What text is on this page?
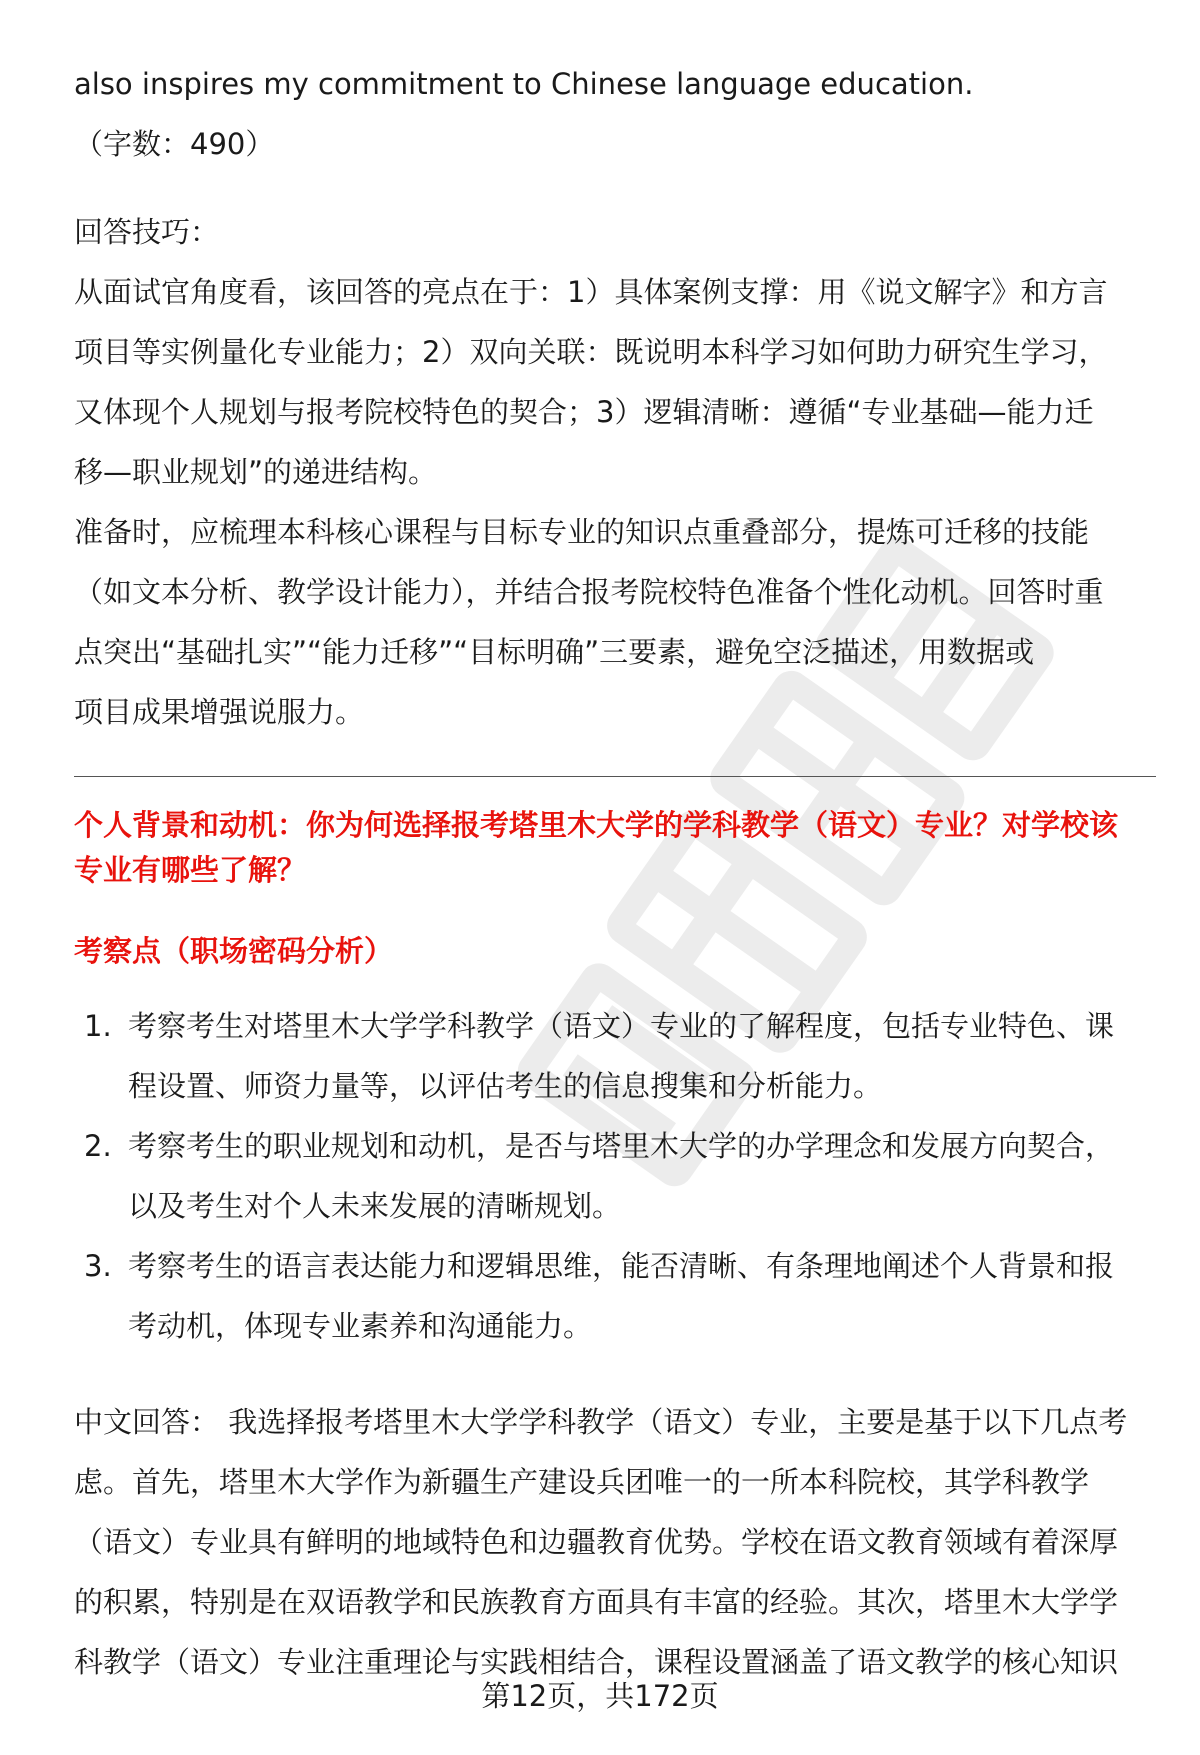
also inspires my commitment to Chinese language education.

（字数：490）

回答技巧：

从面试官角度看，该回答的亮点在于：1）具体案例支撑：用《说文解字》和方言

项目等实例量化专业能力；2）双向关联：既说明本科学习如何助力研究生学习，

又体现个人规划与报考院校特色的契合；3）逻辑清晰：遵循“专业基础—能力迁

移—职业规划”的递进结构。

准备时，应梳理本科核心课程与目标专业的知识点重叠部分，提炼可迁移的技能

（如文本分析、教学设计能力），并结合报考院校特色准备个性化动机。回答时重

点突出“基础扎实”“能力迁移”“目标明确”三要素，避免空泛描述，用数据或

项目成果增强说服力。

个人背景和动机：你为何选择报考塔里木大学的学科教学（语文）专业？对学校该

专业有哪些了解？

考察点（职场密码分析）

1. 考察考生对塔里木大学学科教学（语文）专业的了解程度，包括专业特色、课

程设置、师资力量等，以评估考生的信息搜集和分析能力。

2. 考察考生的职业规划和动机，是否与塔里木大学的办学理念和发展方向契合，

以及考生对个人未来发展的清晰规划。

3. 考察考生的语言表达能力和逻辑思维，能否清晰、有条理地阐述个人背景和报

考动机，体现专业素养和沟通能力。

中文回答： 我选择报考塔里木大学学科教学（语文）专业，主要是基于以下几点考

虑。首先，塔里木大学作为新疆生产建设兵团唯一的一所本科院校，其学科教学

（语文）专业具有鲜明的地域特色和边疆教育优势。学校在语文教育领域有着深厚

的积累，特别是在双语教学和民族教育方面具有丰富的经验。其次，塔里木大学学

科教学（语文）专业注重理论与实践相结合，课程设置涵盖了语文教学的核心知识

第12页，共172页
